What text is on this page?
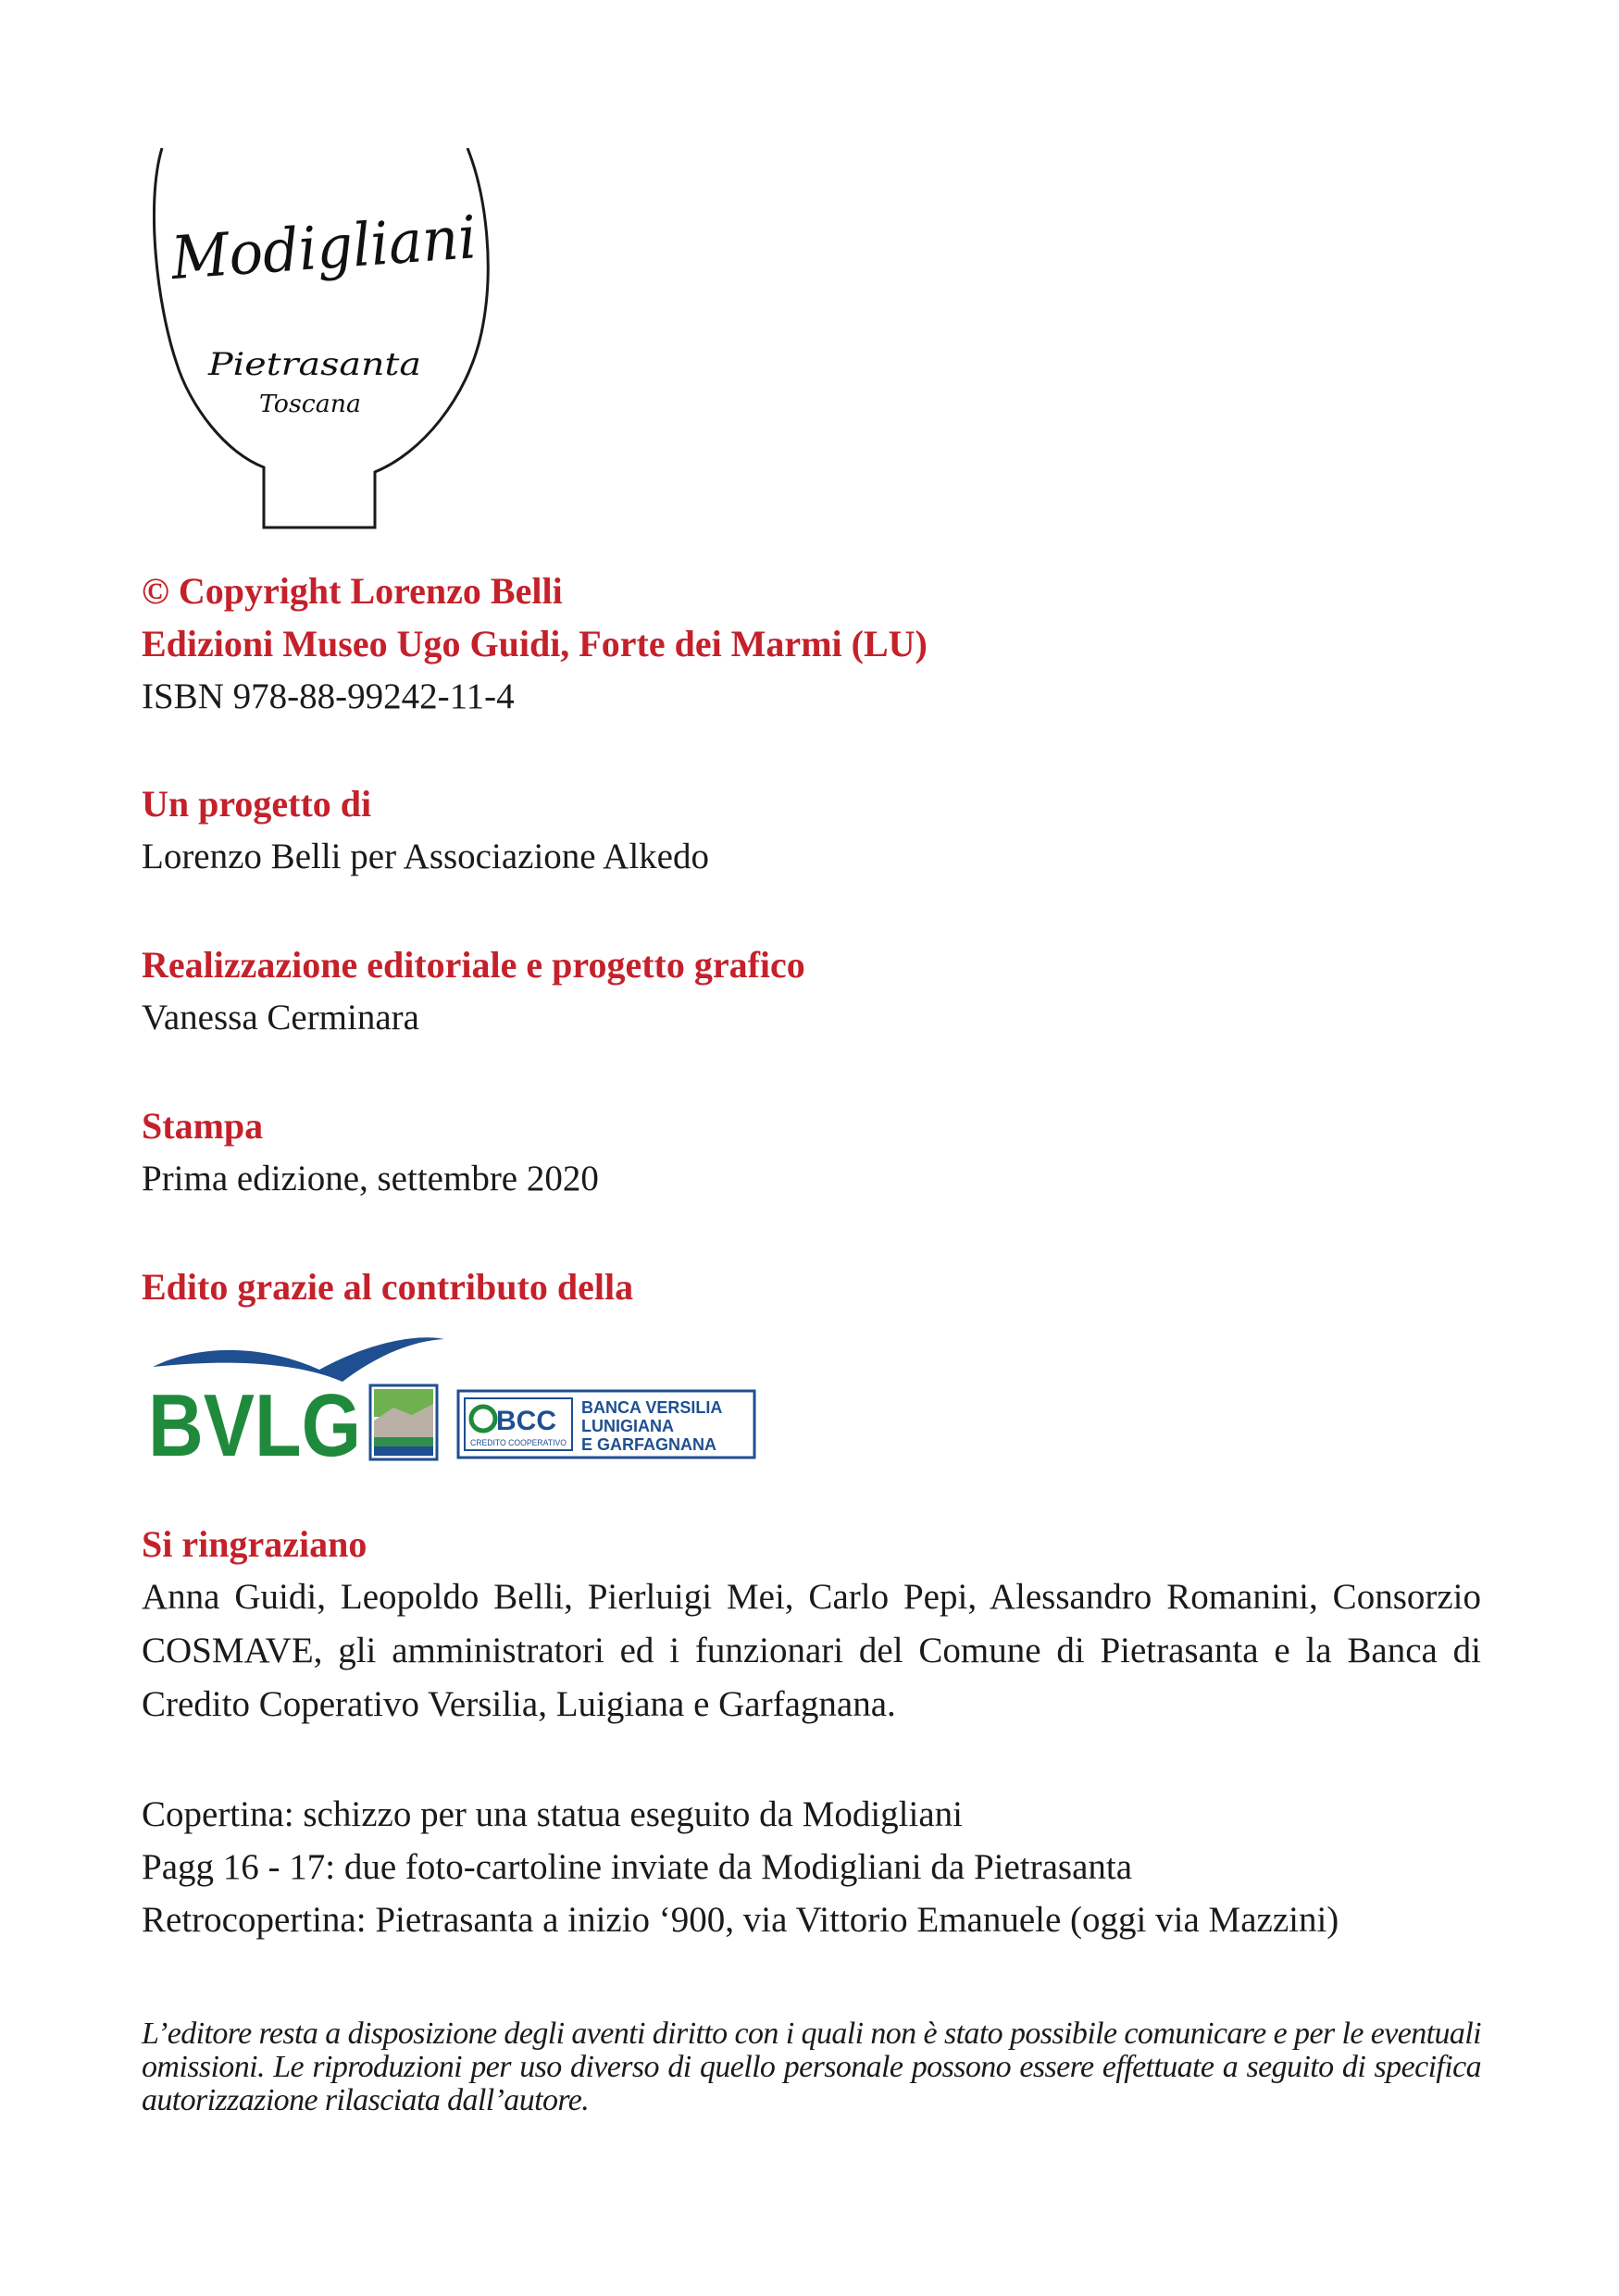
Modigliani
Pietrasanta
Toscana
© Copyright Lorenzo Belli
Edizioni Museo Ugo Guidi, Forte dei Marmi (LU)
ISBN 978-88-99242-11-4
Un progetto di
Lorenzo Belli per Associazione Alkedo
Realizzazione editoriale e progetto grafico
Vanessa Cerminara
Stampa
Prima edizione, settembre 2020
Edito grazie al contributo della
BVLG	BCC
CREDITO COOPERATIVO
BANCA VERSILIA
LUNIGIANA
E GARFAGNANA
Si ringraziano
Anna Guidi, Leopoldo Belli, Pierluigi Mei, Carlo Pepi, Alessandro Romanini, Consorzio COSMAVE, gli amministratori ed i funzionari del Comune di Pietrasanta e la Banca di Credito Coperativo Versilia, Luigiana e Garfagnana.
Copertina: schizzo per una statua eseguito da Modigliani
Pagg 16 - 17: due foto-cartoline inviate da Modigliani da Pietrasanta
Retrocopertina: Pietrasanta a inizio ‘900, via Vittorio Emanuele (oggi via Mazzini)
L’editore resta a disposizione degli aventi diritto con i quali non è stato possibile comunicare e per le eventuali omissioni. Le riproduzioni per uso diverso di quello personale possono essere effettuate a seguito di specifica autorizzazione rilasciata dall’autore.
